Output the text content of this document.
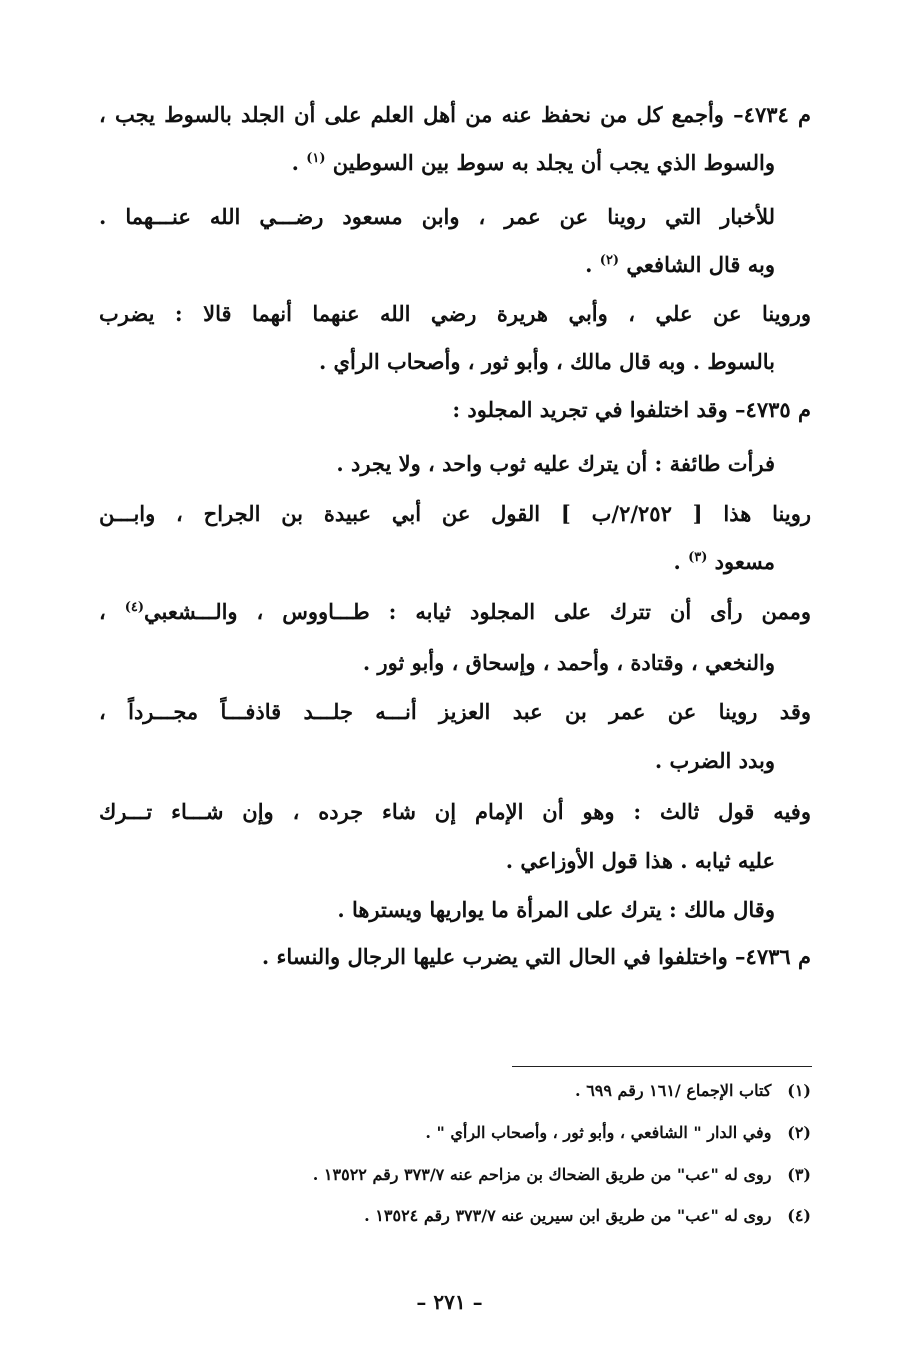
م ٤٧٣٤– وأجمع كل من نحفظ عنه من أهل العلم على أن الجلد بالسوط يجب ،
والسوط الذي يجب أن يجلد به سوط بين السوطين $^{(١)}$ .
للأخبار التي روينا عن عمر ، وابن مسعود رضـــي الله عنـــهما .
وبه قال الشافعي $^{(٢)}$ .
وروينا عن علي ، وأبي هريرة رضي الله عنهما أنهما قالا : يضرب
بالسوط . وبه قال مالك ، وأبو ثور ، وأصحاب الرأي .
م ٤٧٣٥– وقد اختلفوا في تجريد المجلود :
فرأت طائفة : أن يترك عليه ثوب واحد ، ولا يجرد .
روينا هذا [ ٢/٢٥٢/ب ] القول عن أبي عبيدة بن الجراح ، وابـــن
مسعود $^{(٣)}$ .
وممن رأى أن تترك على المجلود ثيابه : طـــاووس ، والـــشعبي$^{(٤)}$ ،
والنخعي ، وقتادة ، وأحمد ، وإسحاق ، وأبو ثور .
وقد روينا عن عمر بن عبد العزيز أنـــه جلـــد قاذفـــاً مجـــرداً ،
وبدد الضرب .
وفيه قول ثالث : وهو أن الإمام إن شاء جرده ، وإن شـــاء تـــرك
عليه ثيابه . هذا قول الأوزاعي .
وقال مالك : يترك على المرأة ما يواريها ويسترها .
م ٤٧٣٦– واختلفوا في الحال التي يضرب عليها الرجال والنساء .
(١) كتاب الإجماع /١٦١ رقم ٦٩٩ .
(٢) وفي الدار " الشافعي ، وأبو ثور ، وأصحاب الرأي " .
(٣) روى له "عب" من طريق الضحاك بن مزاحم عنه ٣٧٣/٧ رقم ١٣٥٢٢ .
(٤) روى له "عب" من طريق ابن سيرين عنه ٣٧٣/٧ رقم ١٣٥٢٤ .
– ٢٧١ –
